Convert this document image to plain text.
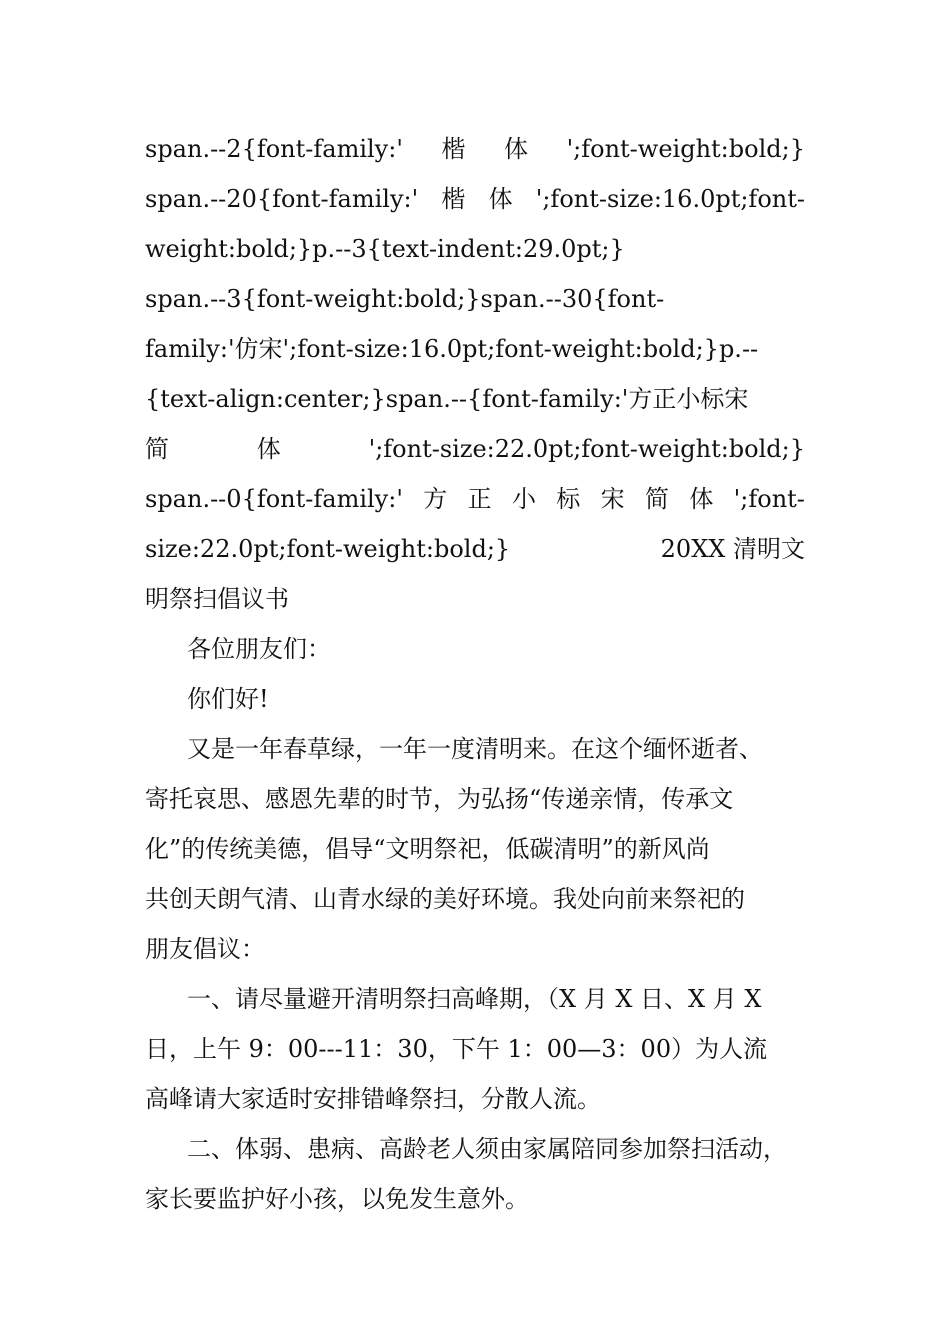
span.--2{font-family:' 楷 体 ';font-weight:bold;}
span.--20{font-family:' 楷 体 ';font-size:16.0pt;font-
weight:bold;}p.--3{text-indent:29.0pt;}
span.--3{font-weight:bold;}span.--30{font-
family:'仿宋';font-size:16.0pt;font-weight:bold;}p.--
{text-align:center;}span.--{font-family:'方正小标宋
简	体	';font-size:22.0pt;font-weight:bold;}
span.--0{font-family:' 方 正 小 标 宋 简 体 ';font-
size:22.0pt;font-weight:bold;}	20XX 清明文
明祭扫倡议书
各位朋友们：
你们好!
又是一年春草绿，一年一度清明来。在这个缅怀逝者、
寄托哀思、感恩先辈的时节，为弘扬“传递亲情，传承文
化”的传统美德，倡导“文明祭祀，低碳清明”的新风尚
共创天朗气清、山青水绿的美好环境。我处向前来祭祀的
朋友倡议：
一、请尽量避开清明祭扫高峰期，（X 月 X 日、X 月 X
日，上午 9：00---11：30，下午 1：00—3：00）为人流
高峰请大家适时安排错峰祭扫，分散人流。
二、体弱、患病、高龄老人须由家属陪同参加祭扫活动，
家长要监护好小孩，以免发生意外。
